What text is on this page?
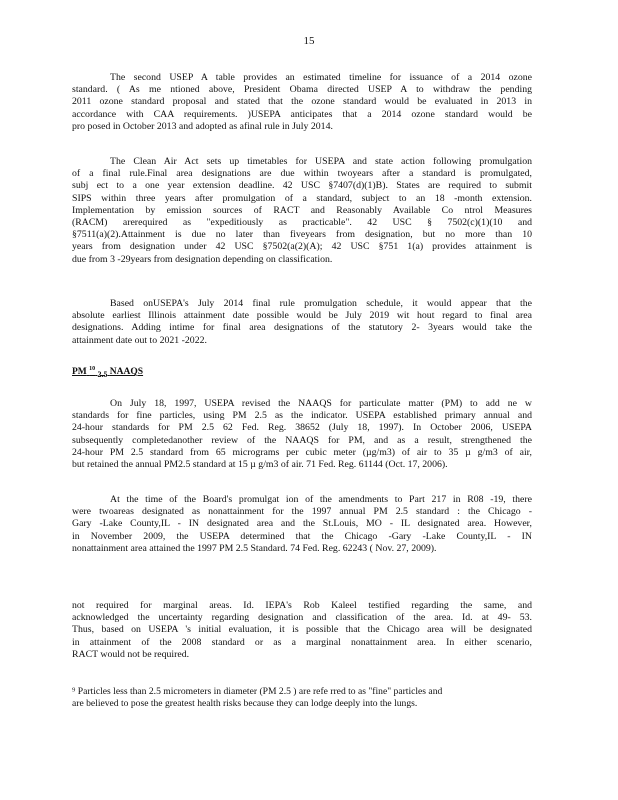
15

The second USEP A table provides an estimated timeline for issuance of a 2014 ozone
standard. ( As me ntioned above, President Obama directed USEP A to withdraw the pending
2011 ozone standard proposal and stated that the ozone standard would be evaluated in 2013 in
accordance with CAA requirements. )USEPA anticipates that a 2014 ozone standard would be
pro posed in October 2013 and adopted as afinal rule in July 2014.

The Clean Air Act sets up timetables for USEPA and state action following promulgation
of a final rule.Final area designations are due within twoyears after a standard is promulgated,
subj ect to a one year extension deadline. 42 USC §7407(d)(1)B). States are required to submit
SIPS within three years after promulgation of a standard, subject to an 18 -month extension.
Implementation by emission sources of RACT and Reasonably Available Co ntrol Measures
(RACM) arerequired as "expeditiously as practicable". 42 USC § 7502(c)(1)(10 and
§7511(a)(2).Attainment is due no later than fiveyears from designation, but no more than 10
years from designation under 42 USC §7502(a(2)(A); 42 USC §751 1(a) provides attainment is
due from 3 -29years from designation depending on classification.

Based onUSEPA's July 2014 final rule promulgation schedule, it would appear that the
absolute earliest Illinois attainment date possible would be July 2019 wit hout regard to final area
designations. Adding intime for final area designations of the statutory 2- 3years would take the
attainment date out to 2021 -2022.

PM $^{10}$ $_{2.5}$ NAAQS

On July 18, 1997, USEPA revised the NAAQS for particulate matter (PM) to add ne w
standards for fine particles, using PM 2.5 as the indicator. USEPA established primary annual and
24-hour standards for PM 2.5 62 Fed. Reg. 38652 (July 18, 1997). In October 2006, USEPA
subsequently completedanother review of the NAAQS for PM, and as a result, strengthened the
24-hour PM 2.5 standard from 65 micrograms per cubic meter (µg/m3) of air to 35 µ g/m3 of air,
but retained the annual PM2.5 standard at 15 µ g/m3 of air. 71 Fed. Reg. 61144 (Oct. 17, 2006).

At the time of the Board's promulgat ion of the amendments to Part 217 in R08 -19, there
were twoareas designated as nonattainment for the 1997 annual PM 2.5 standard : the Chicago -
Gary -Lake County,IL - IN designated area and the St.Louis, MO - IL designated area. However,
in November 2009, the USEPA determined that the Chicago -Gary -Lake County,IL - IN
nonattainment area attained the 1997 PM 2.5 Standard. 74 Fed. Reg. 62243 ( Nov. 27, 2009).

not required for marginal areas. Id. IEPA's Rob Kaleel testified regarding the same, and
acknowledged the uncertainty regarding designation and classification of the area. Id. at 49- 53.
Thus, based on USEPA 's initial evaluation, it is possible that the Chicago area will be designated
in attainment of the 2008 standard or as a marginal nonattainment area. In either scenario,
RACT would not be required.

⁹ Particles less than 2.5 micrometers in diameter (PM 2.5 ) are refe rred to as "fine" particles and
are believed to pose the greatest health risks because they can lodge deeply into the lungs.
